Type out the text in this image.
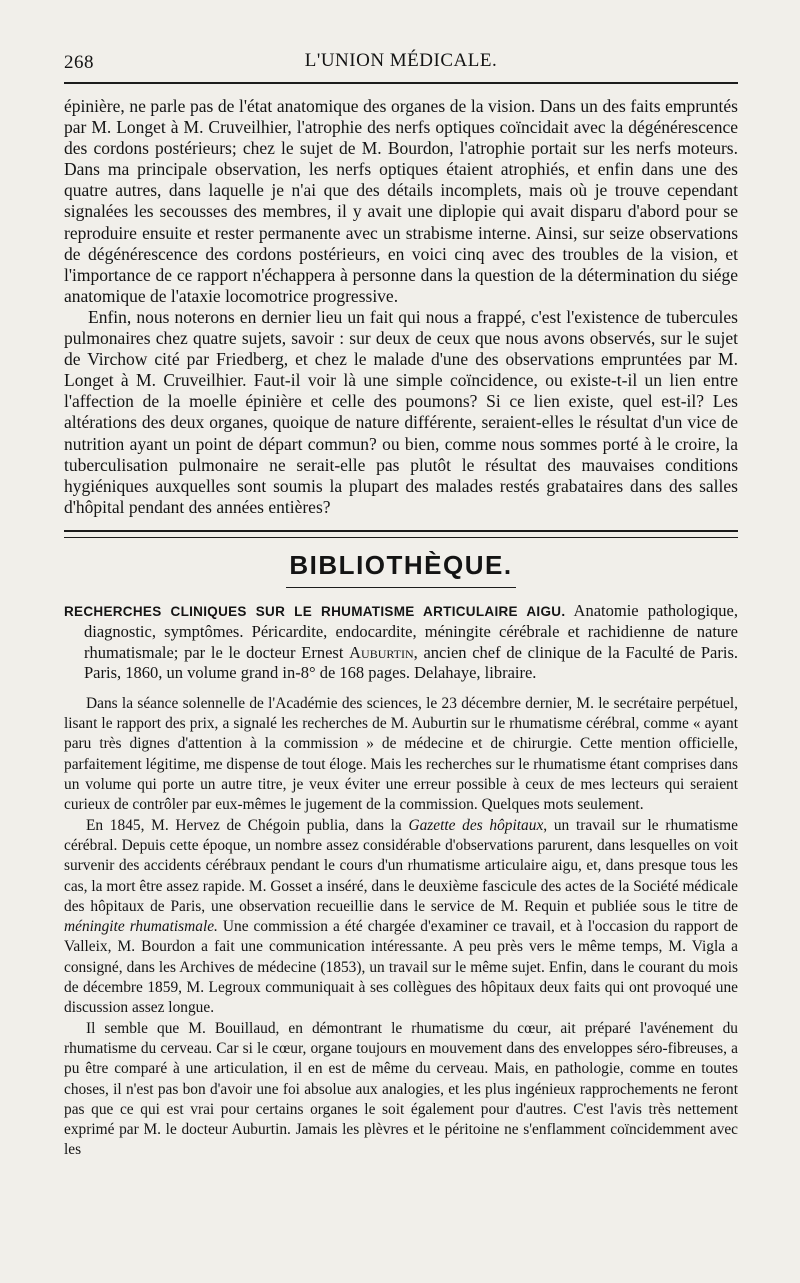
268	L'UNION MÉDICALE.

épinière, ne parle pas de l'état anatomique des organes de la vision. Dans un des faits empruntés par M. Longet à M. Cruveilhier, l'atrophie des nerfs optiques coïncidait avec la dégénérescence des cordons postérieurs; chez le sujet de M. Bourdon, l'atrophie portait sur les nerfs moteurs. Dans ma principale observation, les nerfs optiques étaient atrophiés, et enfin dans une des quatre autres, dans laquelle je n'ai que des détails incomplets, mais où je trouve cependant signalées les secousses des membres, il y avait une diplopie qui avait disparu d'abord pour se reproduire ensuite et rester permanente avec un strabisme interne. Ainsi, sur seize observations de dégénérescence des cordons postérieurs, en voici cinq avec des troubles de la vision, et l'importance de ce rapport n'échappera à personne dans la question de la détermination du siége anatomique de l'ataxie locomotrice progressive.

Enfin, nous noterons en dernier lieu un fait qui nous a frappé, c'est l'existence de tubercules pulmonaires chez quatre sujets, savoir : sur deux de ceux que nous avons observés, sur le sujet de Virchow cité par Friedberg, et chez le malade d'une des observations empruntées par M. Longet à M. Cruveilhier. Faut-il voir là une simple coïncidence, ou existe-t-il un lien entre l'affection de la moelle épinière et celle des poumons? Si ce lien existe, quel est-il? Les altérations des deux organes, quoique de nature différente, seraient-elles le résultat d'un vice de nutrition ayant un point de départ commun? ou bien, comme nous sommes porté à le croire, la tuberculisation pulmonaire ne serait-elle pas plutôt le résultat des mauvaises conditions hygiéniques auxquelles sont soumis la plupart des malades restés grabataires dans des salles d'hôpital pendant des années entières?

BIBLIOTHÈQUE.
RECHERCHES CLINIQUES SUR LE RHUMATISME ARTICULAIRE AIGU. Anatomie pathologique, diagnostic, symptômes. Péricardite, endocardite, méningite cérébrale et rachidienne de nature rhumatismale; par le le docteur Ernest Auburtin, ancien chef de clinique de la Faculté de Paris. Paris, 1860, un volume grand in-8° de 168 pages. Delahaye, libraire.

Dans la séance solennelle de l'Académie des sciences, le 23 décembre dernier, M. le secrétaire perpétuel, lisant le rapport des prix, a signalé les recherches de M. Auburtin sur le rhumatisme cérébral, comme « ayant paru très dignes d'attention à la commission » de médecine et de chirurgie. Cette mention officielle, parfaitement légitime, me dispense de tout éloge. Mais les recherches sur le rhumatisme étant comprises dans un volume qui porte un autre titre, je veux éviter une erreur possible à ceux de mes lecteurs qui seraient curieux de contrôler par eux-mêmes le jugement de la commission. Quelques mots seulement.

En 1845, M. Hervez de Chégoin publia, dans la Gazette des hôpitaux, un travail sur le rhumatisme cérébral. Depuis cette époque, un nombre assez considérable d'observations parurent, dans lesquelles on voit survenir des accidents cérébraux pendant le cours d'un rhumatisme articulaire aigu, et, dans presque tous les cas, la mort être assez rapide. M. Gosset a inséré, dans le deuxième fascicule des actes de la Société médicale des hôpitaux de Paris, une observation recueillie dans le service de M. Requin et publiée sous le titre de méningite rhumatismale. Une commission a été chargée d'examiner ce travail, et à l'occasion du rapport de Valleix, M. Bourdon a fait une communication intéressante. A peu près vers le même temps, M. Vigla a consigné, dans les Archives de médecine (1853), un travail sur le même sujet. Enfin, dans le courant du mois de décembre 1859, M. Legroux communiquait à ses collègues des hôpitaux deux faits qui ont provoqué une discussion assez longue.

Il semble que M. Bouillaud, en démontrant le rhumatisme du cœur, ait préparé l'avénement du rhumatisme du cerveau. Car si le cœur, organe toujours en mouvement dans des enveloppes séro-fibreuses, a pu être comparé à une articulation, il en est de même du cerveau. Mais, en pathologie, comme en toutes choses, il n'est pas bon d'avoir une foi absolue aux analogies, et les plus ingénieux rapprochements ne feront pas que ce qui est vrai pour certains organes le soit également pour d'autres. C'est l'avis très nettement exprimé par M. le docteur Auburtin. Jamais les plèvres et le péritoine ne s'enflamment coïncidemment avec les
